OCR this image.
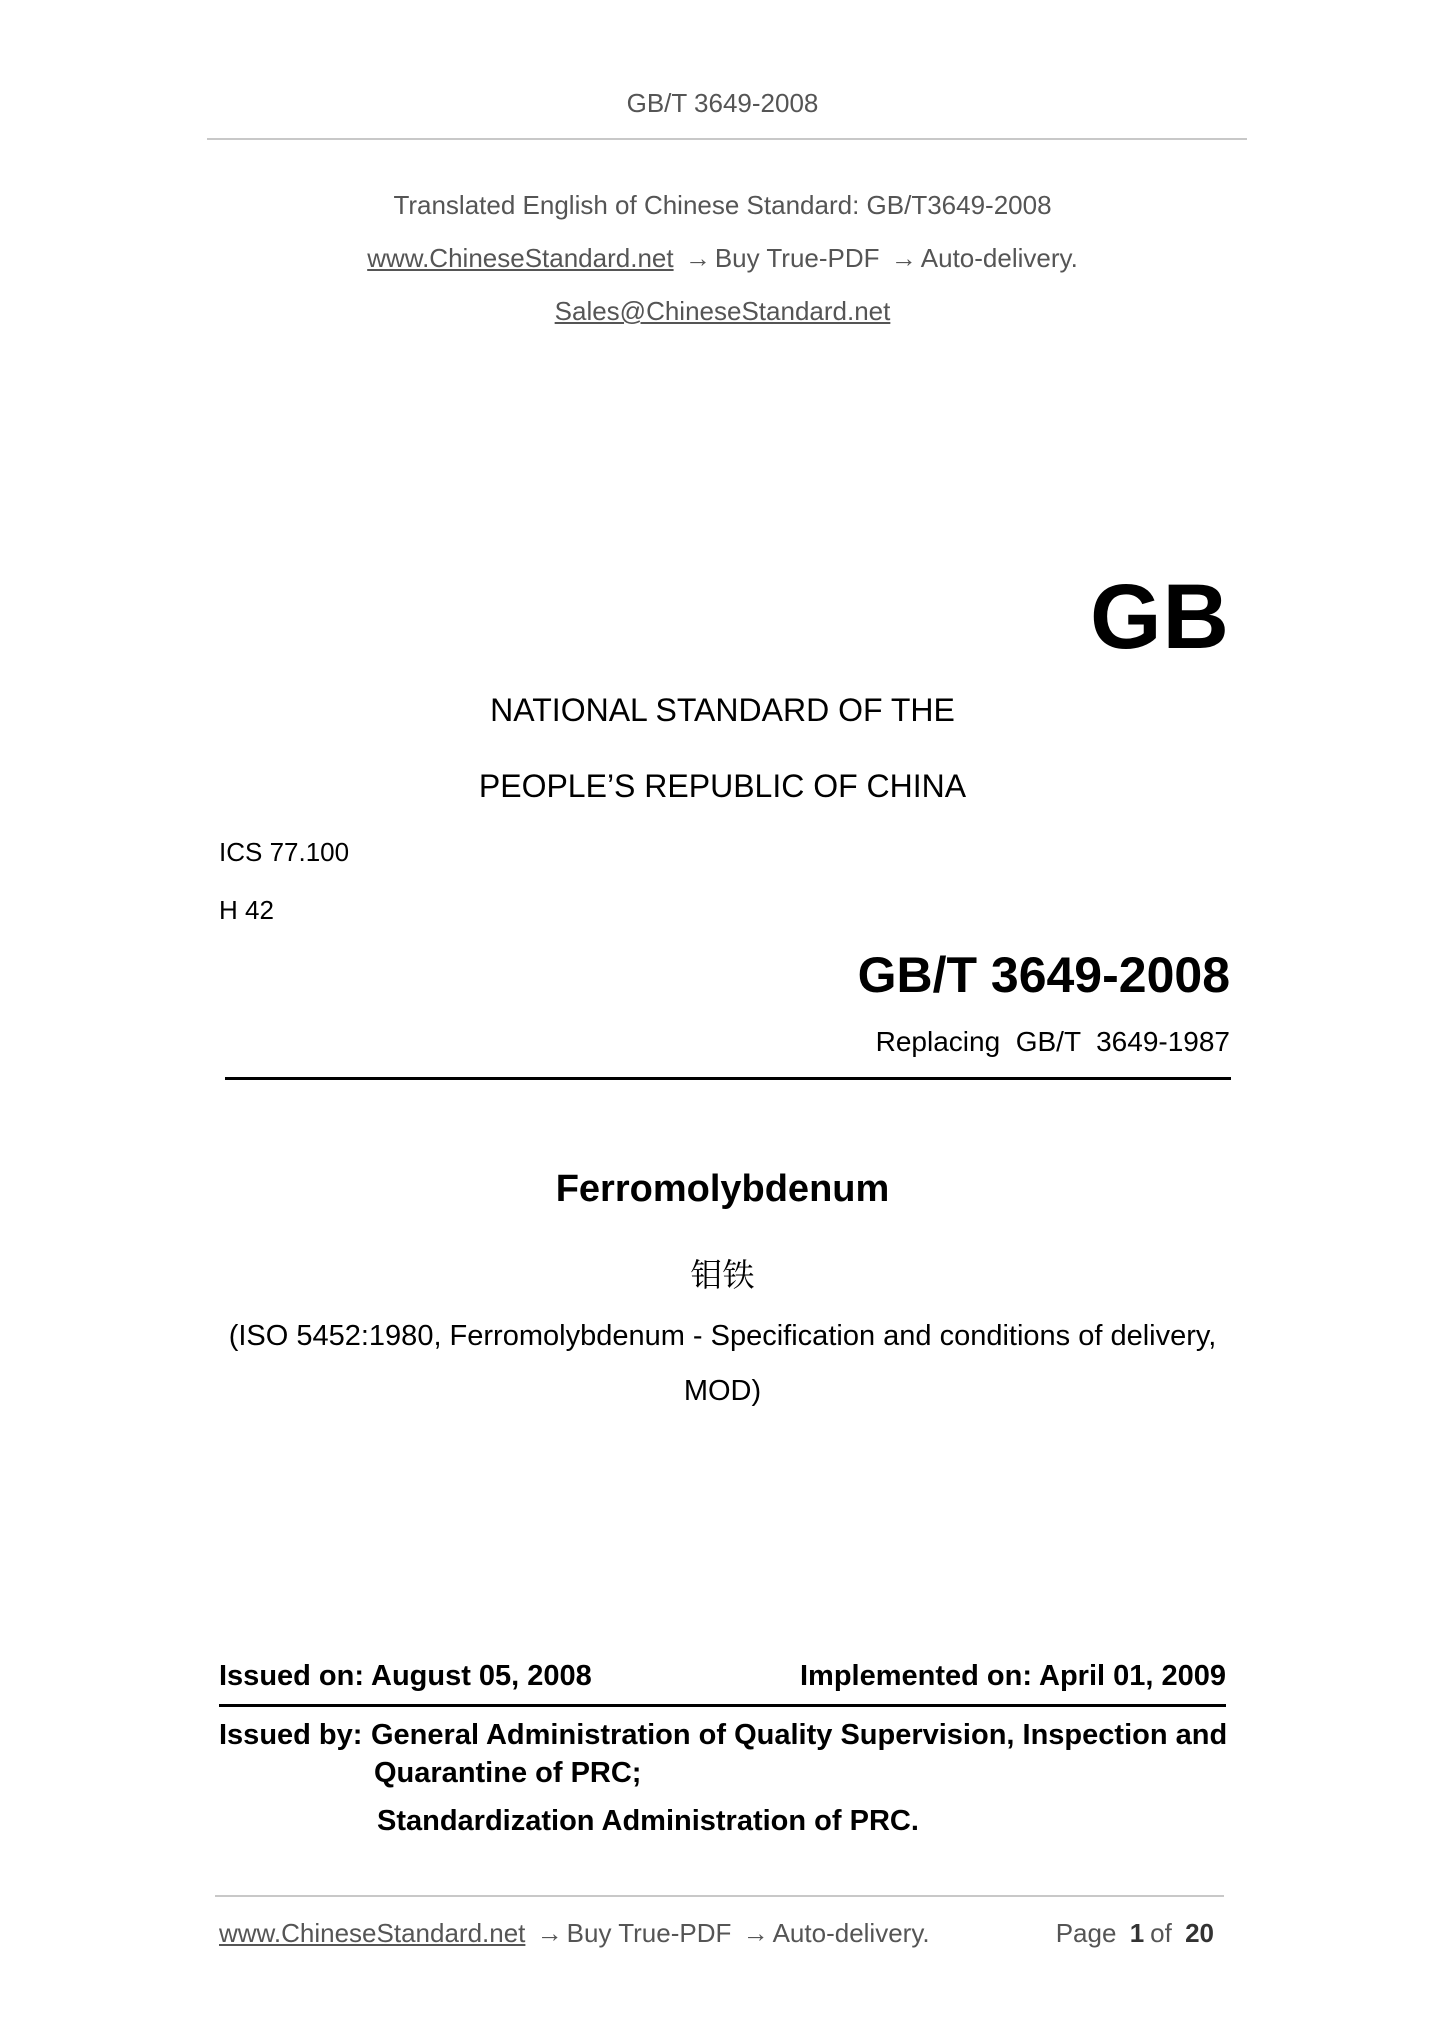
GB/T 3649-2008
Translated English of Chinese Standard: GB/T3649-2008
www.ChineseStandard.net → Buy True-PDF → Auto-delivery.
Sales@ChineseStandard.net
GB
NATIONAL STANDARD OF THE
PEOPLE’S REPUBLIC OF CHINA
ICS 77.100
H 42
GB/T 3649-2008
Replacing  GB/T  3649-1987
Ferromolybdenum
钼铁
(ISO 5452:1980, Ferromolybdenum - Specification and conditions of delivery,
MOD)
Issued on: August 05, 2008	Implemented on: April 01, 2009
Issued by: General Administration of Quality Supervision, Inspection and
Quarantine of PRC;
Standardization Administration of PRC.
www.ChineseStandard.net → Buy True-PDF → Auto-delivery.	Page 1 of 20
